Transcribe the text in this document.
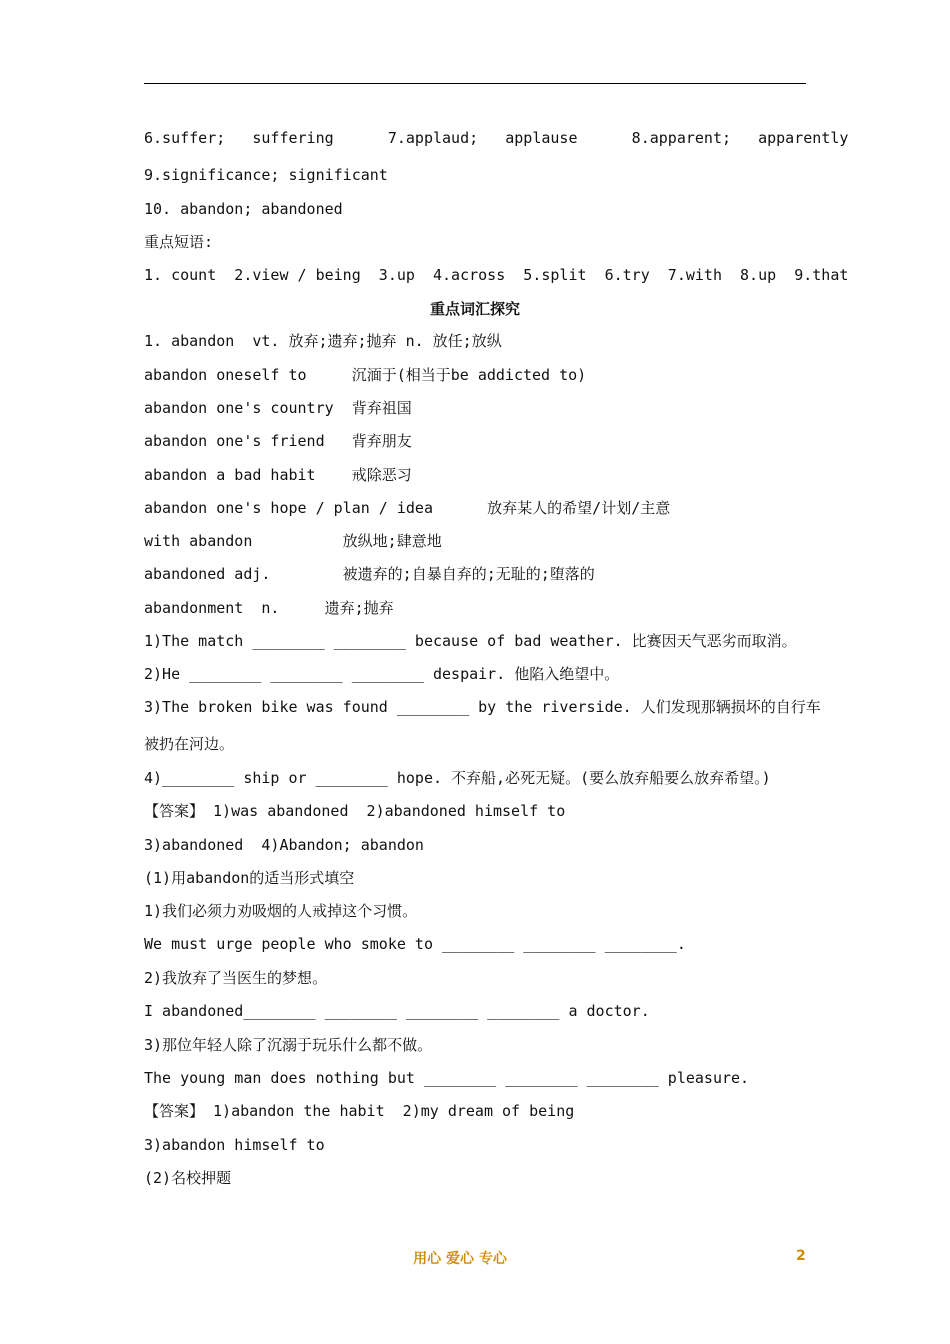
6.suffer;   suffering      7.applaud;   applause      8.apparent;   apparently
9.significance; significant
10. abandon; abandoned
重点短语:
1. count  2.view / being  3.up  4.across  5.split  6.try  7.with  8.up  9.that
1. abandon  vt. 放弃;遗弃;抛弃 n. 放任;放纵
abandon oneself to     沉湎于(相当于be addicted to)
abandon one's country  背弃祖国
abandon one's friend   背弃朋友
abandon a bad habit    戒除恶习
abandon one's hope / plan / idea      放弃某人的希望/计划/主意
with abandon          放纵地;肆意地
abandoned adj.        被遗弃的;自暴自弃的;无耻的;堕落的
abandonment  n.     遗弃;抛弃
1)The match ________ ________ because of bad weather. 比赛因天气恶劣而取消。
2)He ________ ________ ________ despair. 他陷入绝望中。
3)The broken bike was found ________ by the riverside. 人们发现那辆损坏的自行车
被扔在河边。
4)________ ship or ________ hope. 不弃船,必死无疑。(要么放弃船要么放弃希望。)
【答案】 1)was abandoned  2)abandoned himself to
3)abandoned  4)Abandon; abandon
(1)用abandon的适当形式填空
1)我们必须力劝吸烟的人戒掉这个习惯。
We must urge people who smoke to ________ ________ ________.
2)我放弃了当医生的梦想。
I abandoned________ ________ ________ ________ a doctor.
3)那位年轻人除了沉溺于玩乐什么都不做。
The young man does nothing but ________ ________ ________ pleasure.
【答案】 1)abandon the habit  2)my dream of being
3)abandon himself to
(2)名校押题
重点词汇探究
用心 爱心 专心	2
